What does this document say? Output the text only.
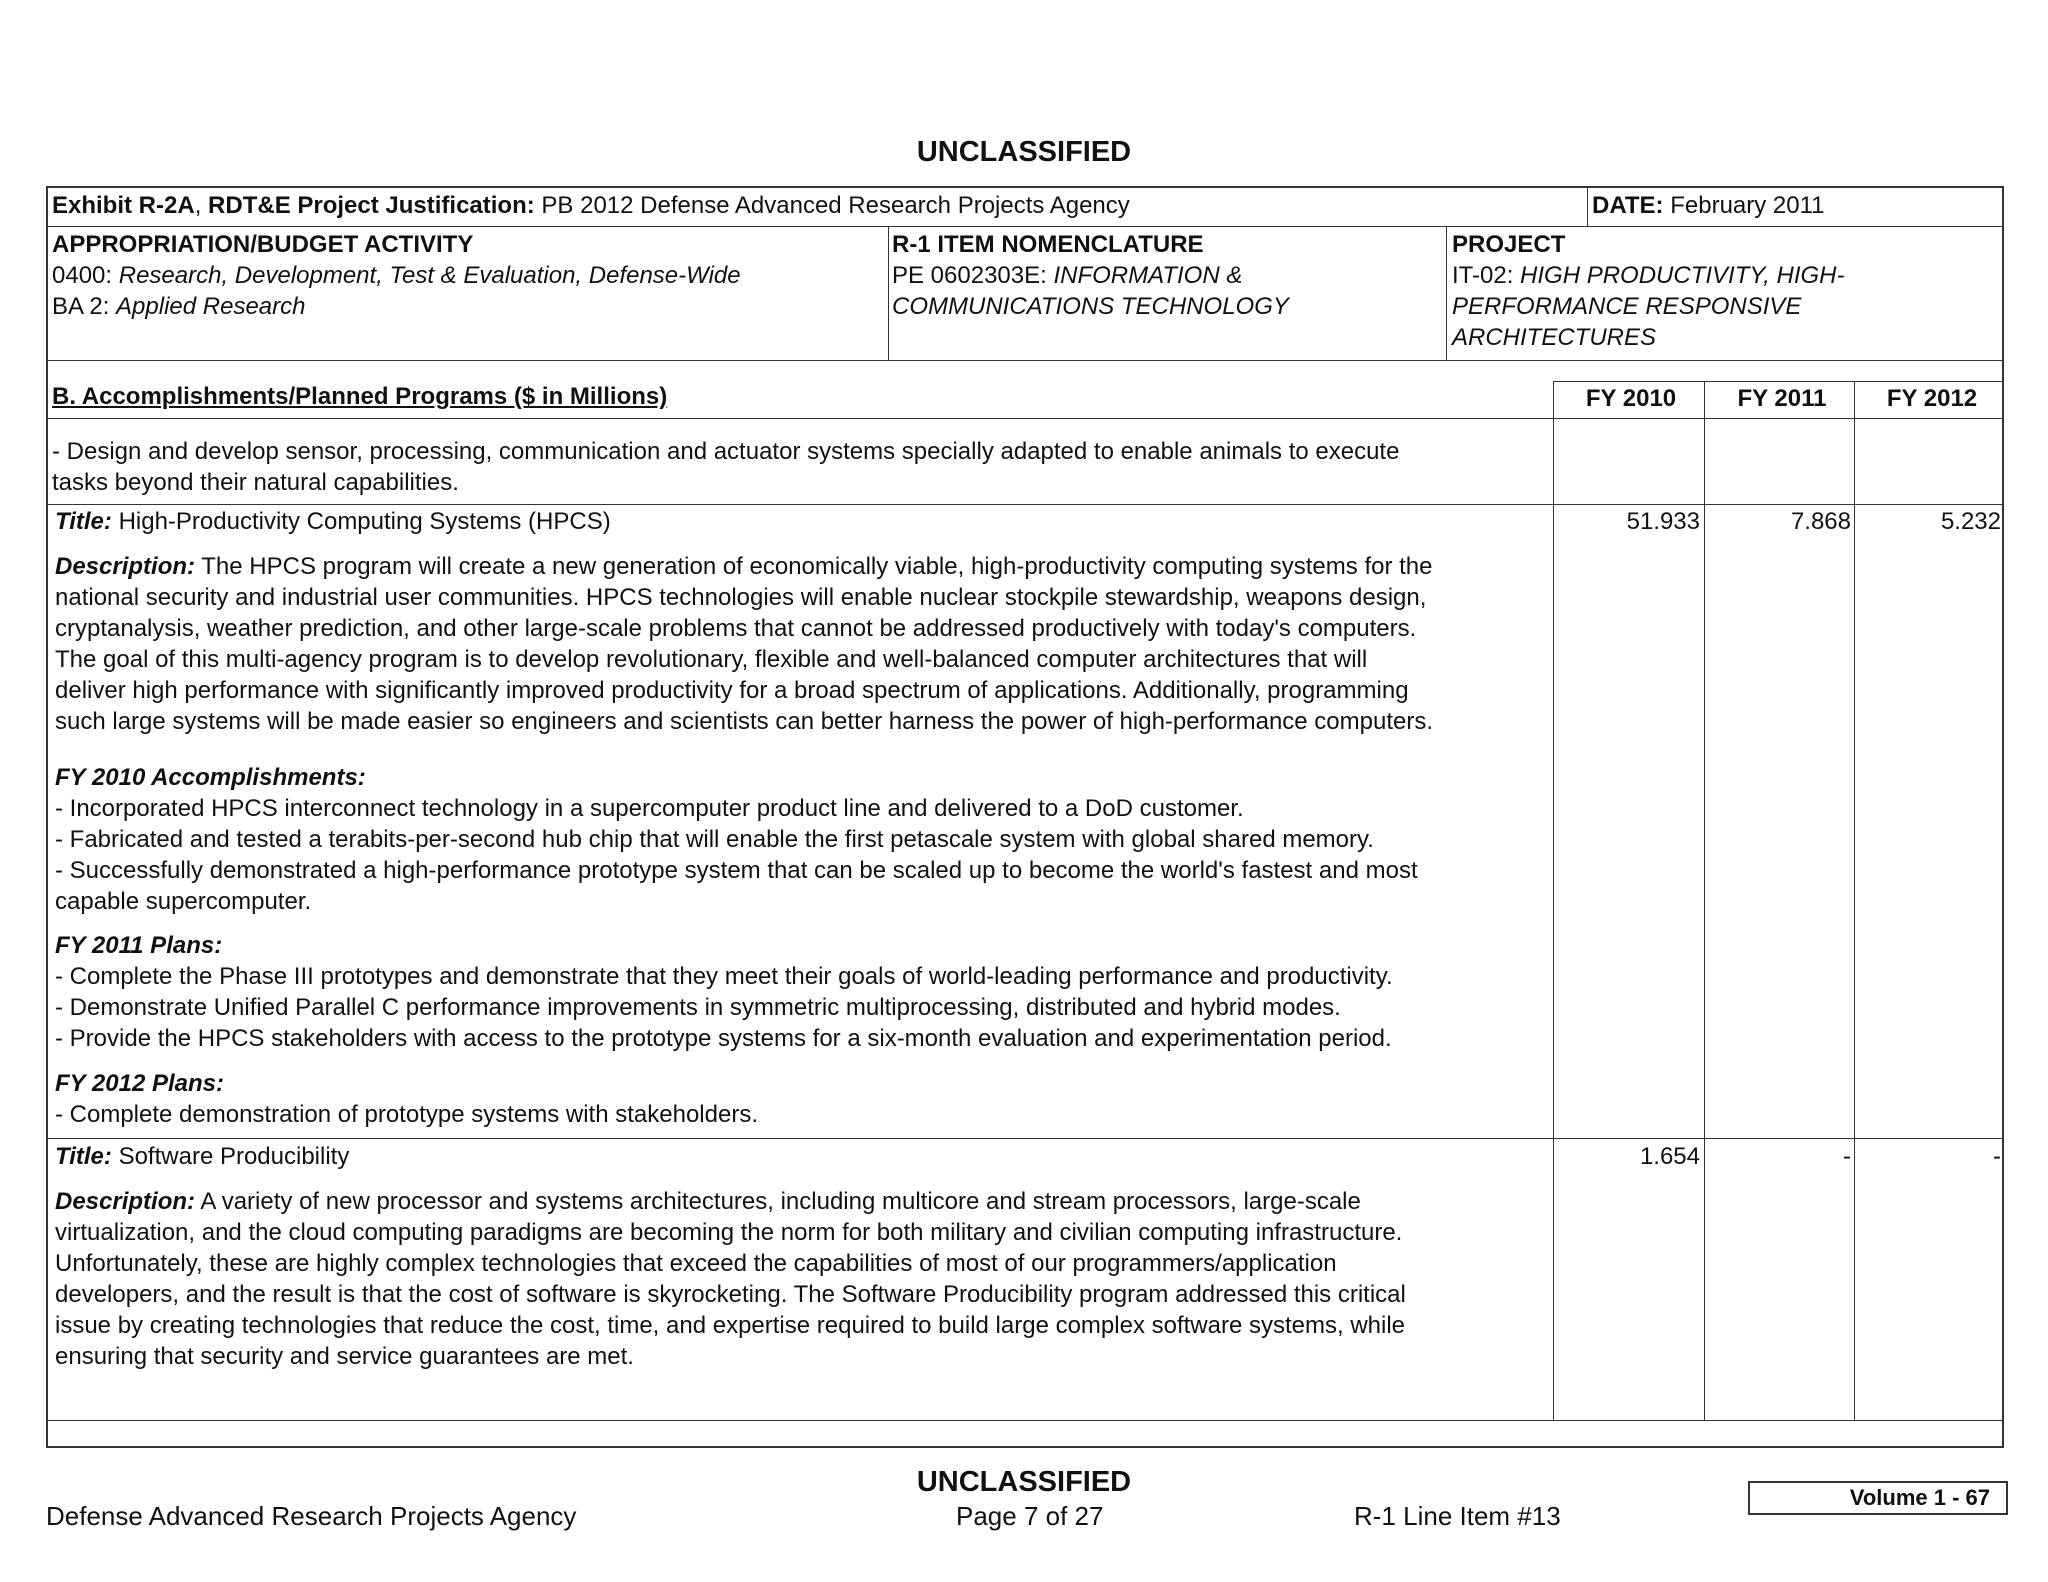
UNCLASSIFIED
Exhibit R-2A, RDT&E Project Justification: PB 2012 Defense Advanced Research Projects Agency	DATE: February 2011
APPROPRIATION/BUDGET ACTIVITY
0400: Research, Development, Test & Evaluation, Defense-Wide
BA 2: Applied Research
R-1 ITEM NOMENCLATURE
PE 0602303E: INFORMATION &
COMMUNICATIONS TECHNOLOGY
PROJECT
IT-02: HIGH PRODUCTIVITY, HIGH-
PERFORMANCE RESPONSIVE
ARCHITECTURES
B. Accomplishments/Planned Programs ($ in Millions)	FY 2010	FY 2011	FY 2012
- Design and develop sensor, processing, communication and actuator systems specially adapted to enable animals to execute
tasks beyond their natural capabilities.
Title: High-Productivity Computing Systems (HPCS)	51.933	7.868	5.232
Description: The HPCS program will create a new generation of economically viable, high-productivity computing systems for the
national security and industrial user communities. HPCS technologies will enable nuclear stockpile stewardship, weapons design,
cryptanalysis, weather prediction, and other large-scale problems that cannot be addressed productively with today's computers.
The goal of this multi-agency program is to develop revolutionary, flexible and well-balanced computer architectures that will
deliver high performance with significantly improved productivity for a broad spectrum of applications. Additionally, programming
such large systems will be made easier so engineers and scientists can better harness the power of high-performance computers.
FY 2010 Accomplishments:
- Incorporated HPCS interconnect technology in a supercomputer product line and delivered to a DoD customer.
- Fabricated and tested a terabits-per-second hub chip that will enable the first petascale system with global shared memory.
- Successfully demonstrated a high-performance prototype system that can be scaled up to become the world's fastest and most
capable supercomputer.
FY 2011 Plans:
- Complete the Phase III prototypes and demonstrate that they meet their goals of world-leading performance and productivity.
- Demonstrate Unified Parallel C performance improvements in symmetric multiprocessing, distributed and hybrid modes.
- Provide the HPCS stakeholders with access to the prototype systems for a six-month evaluation and experimentation period.
FY 2012 Plans:
- Complete demonstration of prototype systems with stakeholders.
Title: Software Producibility	1.654	-	-
Description: A variety of new processor and systems architectures, including multicore and stream processors, large-scale
virtualization, and the cloud computing paradigms are becoming the norm for both military and civilian computing infrastructure.
Unfortunately, these are highly complex technologies that exceed the capabilities of most of our programmers/application
developers, and the result is that the cost of software is skyrocketing. The Software Producibility program addressed this critical
issue by creating technologies that reduce the cost, time, and expertise required to build large complex software systems, while
ensuring that security and service guarantees are met.
UNCLASSIFIED
Defense Advanced Research Projects Agency	Page 7 of 27	R-1 Line Item #13
Volume 1 - 67
